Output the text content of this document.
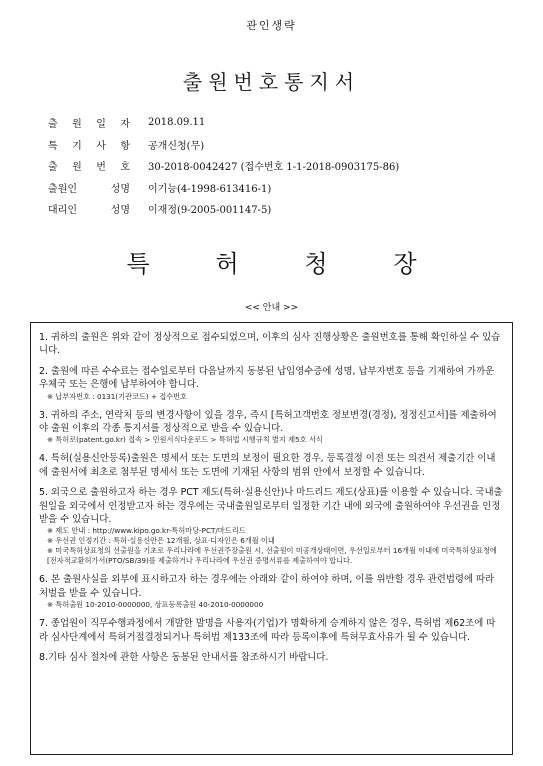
관인생략
출원번호통지서
출 원 일 자 2018.09.11
특 기 사 항 공개신청(무)
출 원 번 호 30-2018-0042427 (접수번호 1-1-2018-0903175-86)
출원인	성명 이기능(4-1998-613416-1)
대리인	성명 이재정(9-2005-001147-5)
특	허	청	장
<< 안내 >>
1. 귀하의 출원은 위와 같이 정상적으로 접수되었으며, 이후의 심사 진행상황은 출원번호를 통해 확인하실 수 있습니다.
2. 출원에 따른 수수료는 접수일로부터 다음날까지 동봉된 납입영수증에 성명, 납부자번호 등을 기재하여 가까운 우체국 또는 은행에 납부하여야 합니다.
※ 납부자번호 : 0131(기관코드) + 접수번호
3. 귀하의 주소, 연락처 등의 변경사항이 있을 경우, 즉시 [특허고객번호 정보변경(경정), 정정신고서]를 제출하여야 출원 이후의 각종 통지서를 정상적으로 받을 수 있습니다.
※ 특허로(patent.go.kr) 접속 > 민원서식다운로드 > 특허법 시행규칙 별지 제5호 서식
4. 특허(실용신안등록)출원은 명세서 또는 도면의 보정이 필요한 경우, 등록결정 이전 또는 의견서 제출기간 이내에 출원서에 최초로 첨부된 명세서 또는 도면에 기재된 사항의 범위 안에서 보정할 수 있습니다.
5. 외국으로 출원하고자 하는 경우 PCT 제도(특허·실용신안)나 마드리드 제도(상표)를 이용할 수 있습니다. 국내출원일을 외국에서 인정받고자 하는 경우에는 국내출원일로부터 일정한 기간 내에 외국에 출원하여야 우선권을 인정받을 수 있습니다.
※ 제도 안내 : http://www.kipo.go.kr-특허마당-PCT/마드리드
※ 우선권 인정기간 : 특허·실용신안은 12개월, 상표·디자인은 6개월 이내
※ 미국특허상표청의 선출원을 기초로 우리나라에 우선권주장출원 시, 선출원이 미공개상태이면, 우선일로부터 16개월 이내에 미국특허상표청에 [전자적교환허가서(PTO/SB/39)를 제출하거나 우리나라에 우선권 증명서류를 제출하여야 합니다.
6. 본 출원사실을 외부에 표시하고자 하는 경우에는 아래와 같이 하여야 하며, 이를 위반할 경우 관련법령에 따라 처벌을 받을 수 있습니다.
※ 특허출원 10-2010-0000000, 상표등록출원 40-2010-0000000
7. 종업원이 직무수행과정에서 개발한 발명을 사용자(기업)가 명확하게 승계하지 않은 경우, 특허법 제62조에 따라 심사단계에서 특허거절결정되거나 특허법 제133조에 따라 등록이후에 특허무효사유가 될 수 있습니다.
8.기타 심사 절차에 관한 사항은 동봉된 안내서를 참조하시기 바랍니다.
